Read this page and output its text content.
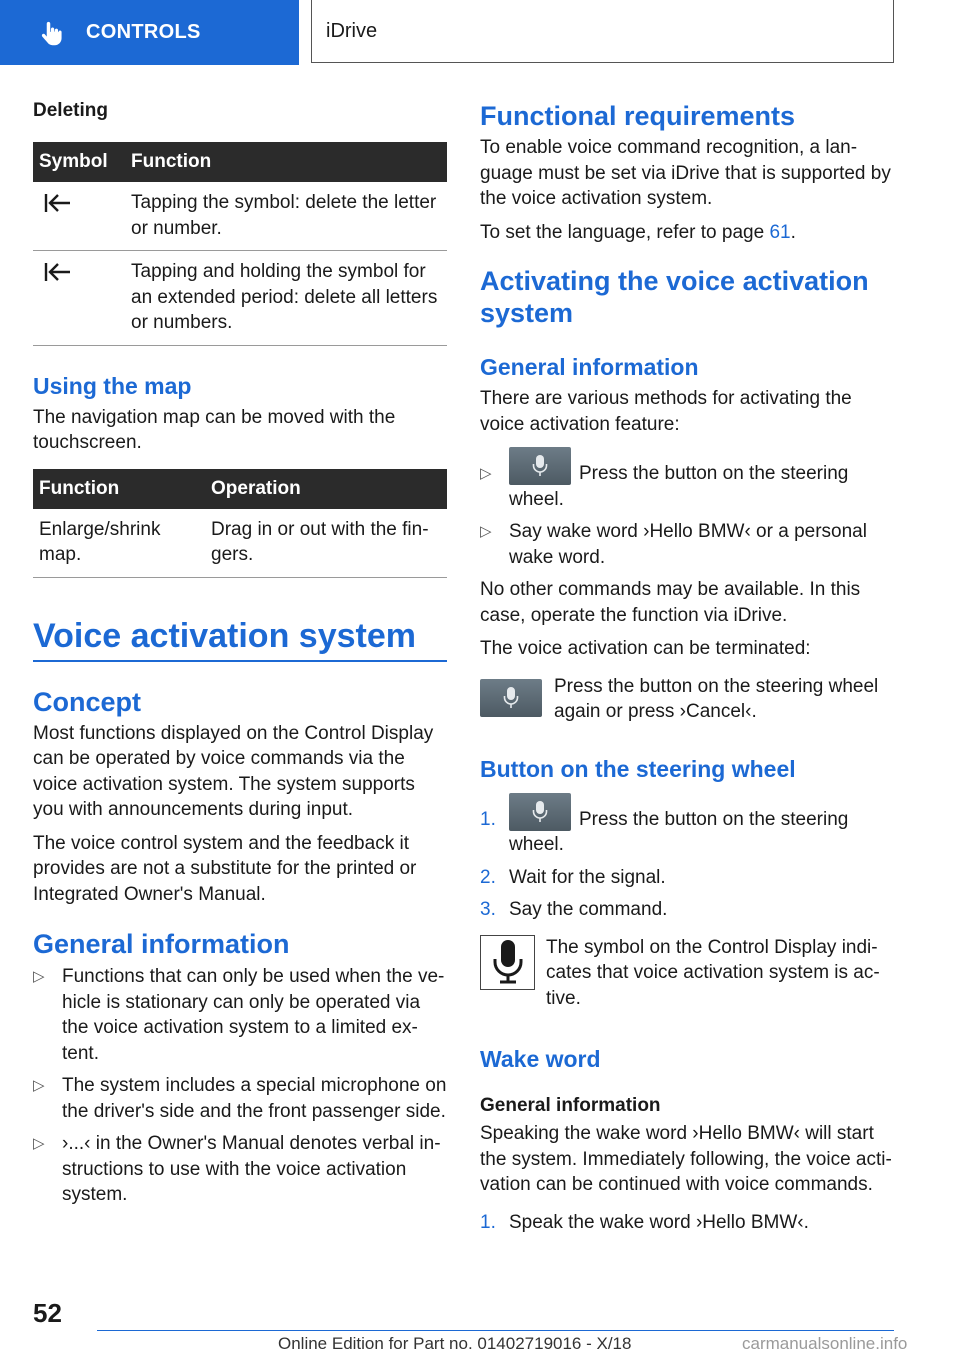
CONTROLS	iDrive

Deleting

Symbol	Function
	Tapping the symbol: delete the letter or number.
	Tapping and holding the symbol for an extended period: delete all letters or numbers.

Using the map

The navigation map can be moved with the touchscreen.

Function	Operation
Enlarge/shrink map.	Drag in or out with the fingers.

Voice activation system

Concept

Most functions displayed on the Control Display can be operated by voice commands via the voice activation system. The system supports you with announcements during input.

The voice control system and the feedback it provides are not a substitute for the printed or Integrated Owner's Manual.

General information

▷ Functions that can only be used when the vehicle is stationary can only be operated via the voice activation system to a limited extent.
▷ The system includes a special microphone on the driver's side and the front passenger side.
▷ ›...‹ in the Owner's Manual denotes verbal instructions to use with the voice activation system.

Functional requirements

To enable voice command recognition, a language must be set via iDrive that is supported by the voice activation system.

To set the language, refer to page 61.

Activating the voice activation system

General information

There are various methods for activating the voice activation feature:

▷	Press the button on the steering wheel.
▷ Say wake word ›Hello BMW‹ or a personal wake word.

No other commands may be available. In this case, operate the function via iDrive.

The voice activation can be terminated:

Press the button on the steering wheel again or press ›Cancel‹.

Button on the steering wheel

1.	Press the button on the steering wheel.
2. Wait for the signal.
3. Say the command.
The symbol on the Control Display indicates that voice activation system is active.

Wake word

General information

Speaking the wake word ›Hello BMW‹ will start the system. Immediately following, the voice activation can be continued with voice commands.

1. Speak the wake word ›Hello BMW‹.
52
Online Edition for Part no. 01402719016 - X/18	carmanualsonline.info
